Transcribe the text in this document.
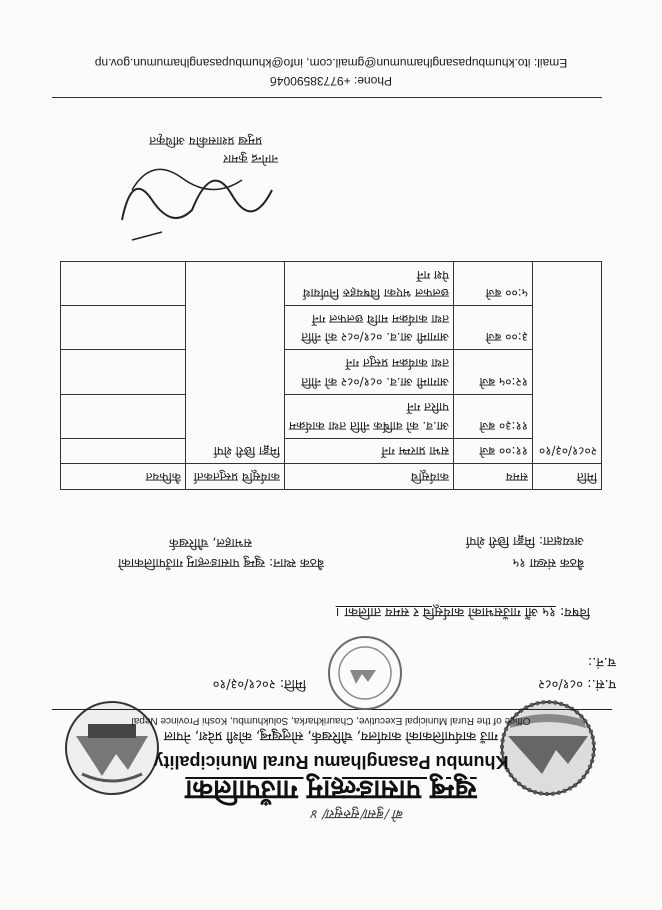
बो /बुसा/सुरुसुरा/ ४
खुम्बु पासाङल्हामु गाउँपालिका
Khumbu Pasanglhamu Rural Municipality
गाउँ कार्यपालिकाको कार्यालय, चौरिखर्क, सोलुखुम्बु, कोशी प्रदेश, नेपाल
Office of the Rural Municipal Executive, Chaurikharka, Solukhumbu, Koshi Province Nepal
प.सं.: ०८१/०८२
च.नं.:
मिति: २०८१/०३/१०
विषय: १५ औं गाउँसभाको कार्यसूचि र समय तालिका ।
बैठक संख्या १५
बैठक स्थान: खुम्बु पासाङल्हामु गाउँपालिकाको
सभाहल, चौरिखर्क	अध्यक्षता: मिङ्मा छिरी शेर्पा
मिति	समय	कार्यसूचि	कार्यसूचि प्रस्तुतकर्ता	कैफियत
२०८१/०३/१०	११:०० बजे	सभा प्रारम्भ गर्ने	मिङ्मा छिरी शेर्पा	
	११:३० बजे	आ.व. को वार्षिक नीति तथा कार्यक्रम पारित गर्ने		
	१२:०५ बजे	आगामी आ.व. ०८१/०८२ को नीति तथा कार्यक्रम प्रस्तुत गर्ने		
	३:०० बजे	आगामी आ.व. ०८१/०८२ को नीति तथा कार्यक्रम माथि छलफल गर्ने		
	५:०० बजे	छलफल भएका विषयहरु निर्णयार्थ पेश गर्ने		
नागेन्द्र कुमार
प्रमुख प्रशासकीय अधिकृत
Phone: +9773859004б
Email: ito.khumbupasanglhamumun@gmail.com, info@khumbupasanglhamumun.gov.np
